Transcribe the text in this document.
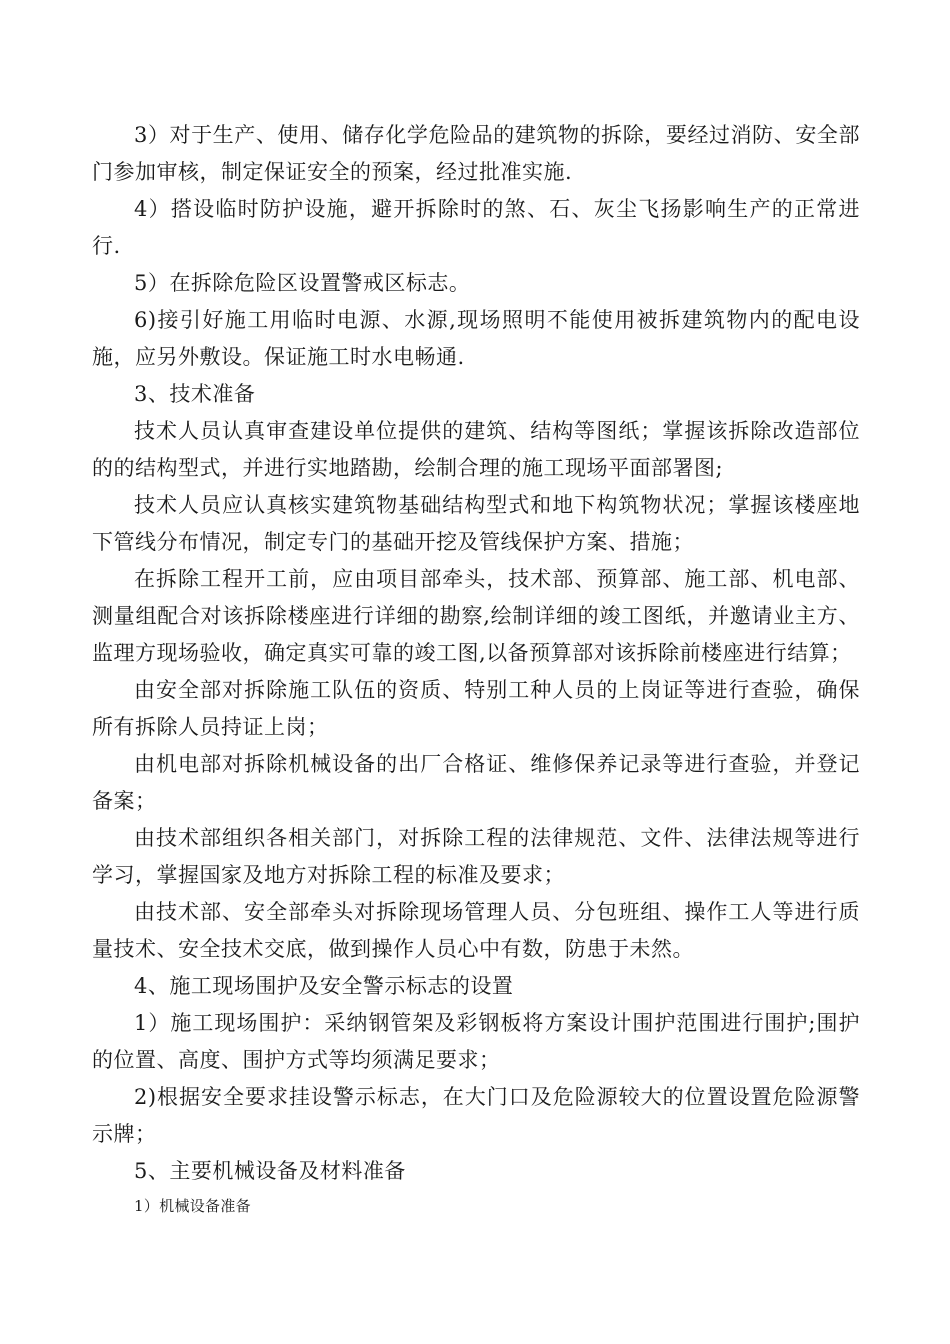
3）对于生产、使用、储存化学危险品的建筑物的拆除，要经过消防、安全部门参加审核，制定保证安全的预案，经过批准实施.

4）搭设临时防护设施，避开拆除时的煞、石、灰尘飞扬影响生产的正常进行.

5）在拆除危险区设置警戒区标志。

6)接引好施工用临时电源、水源,现场照明不能使用被拆建筑物内的配电设施，应另外敷设。保证施工时水电畅通.

3、技术准备

技术人员认真审查建设单位提供的建筑、结构等图纸；掌握该拆除改造部位的的结构型式，并进行实地踏勘，绘制合理的施工现场平面部署图;

技术人员应认真核实建筑物基础结构型式和地下构筑物状况；掌握该楼座地下管线分布情况，制定专门的基础开挖及管线保护方案、措施；

在拆除工程开工前，应由项目部牵头，技术部、预算部、施工部、机电部、测量组配合对该拆除楼座进行详细的勘察,绘制详细的竣工图纸，并邀请业主方、监理方现场验收，确定真实可靠的竣工图,以备预算部对该拆除前楼座进行结算；

由安全部对拆除施工队伍的资质、特别工种人员的上岗证等进行查验，确保所有拆除人员持证上岗；

由机电部对拆除机械设备的出厂合格证、维修保养记录等进行查验，并登记备案；

由技术部组织各相关部门，对拆除工程的法律规范、文件、法律法规等进行学习，掌握国家及地方对拆除工程的标准及要求；

由技术部、安全部牵头对拆除现场管理人员、分包班组、操作工人等进行质量技术、安全技术交底，做到操作人员心中有数，防患于未然。

4、施工现场围护及安全警示标志的设置

1）施工现场围护：采纳钢管架及彩钢板将方案设计围护范围进行围护;围护的位置、高度、围护方式等均须满足要求；

2)根据安全要求挂设警示标志，在大门口及危险源较大的位置设置危险源警示牌；

5、主要机械设备及材料准备

1）机械设备准备
